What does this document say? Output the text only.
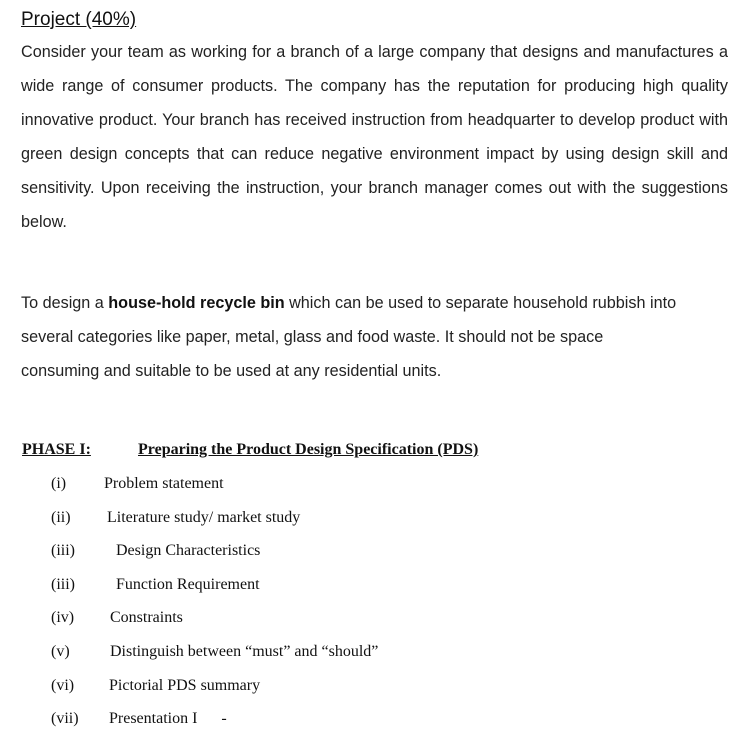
Project (40%)

Consider your team as working for a branch of a large company that designs and manufactures a wide range of consumer products. The company has the reputation for producing high quality innovative product. Your branch has received instruction from headquarter to develop product with green design concepts that can reduce negative environment impact by using design skill and sensitivity. Upon receiving the instruction, your branch manager comes out with the suggestions below.

To design a house-hold recycle bin which can be used to separate household rubbish into several categories like paper, metal, glass and food waste. It should not be space consuming and suitable to be used at any residential units.

PHASE I:	Preparing the Product Design Specification (PDS)
(i) Problem statement
(ii) Literature study/ market study
(iii)	Design Characteristics
(iii)	Function Requirement
(iv) Constraints
(v)	Distinguish between “must” and “should”
(vi) Pictorial PDS summary
(vii) Presentation I      -
